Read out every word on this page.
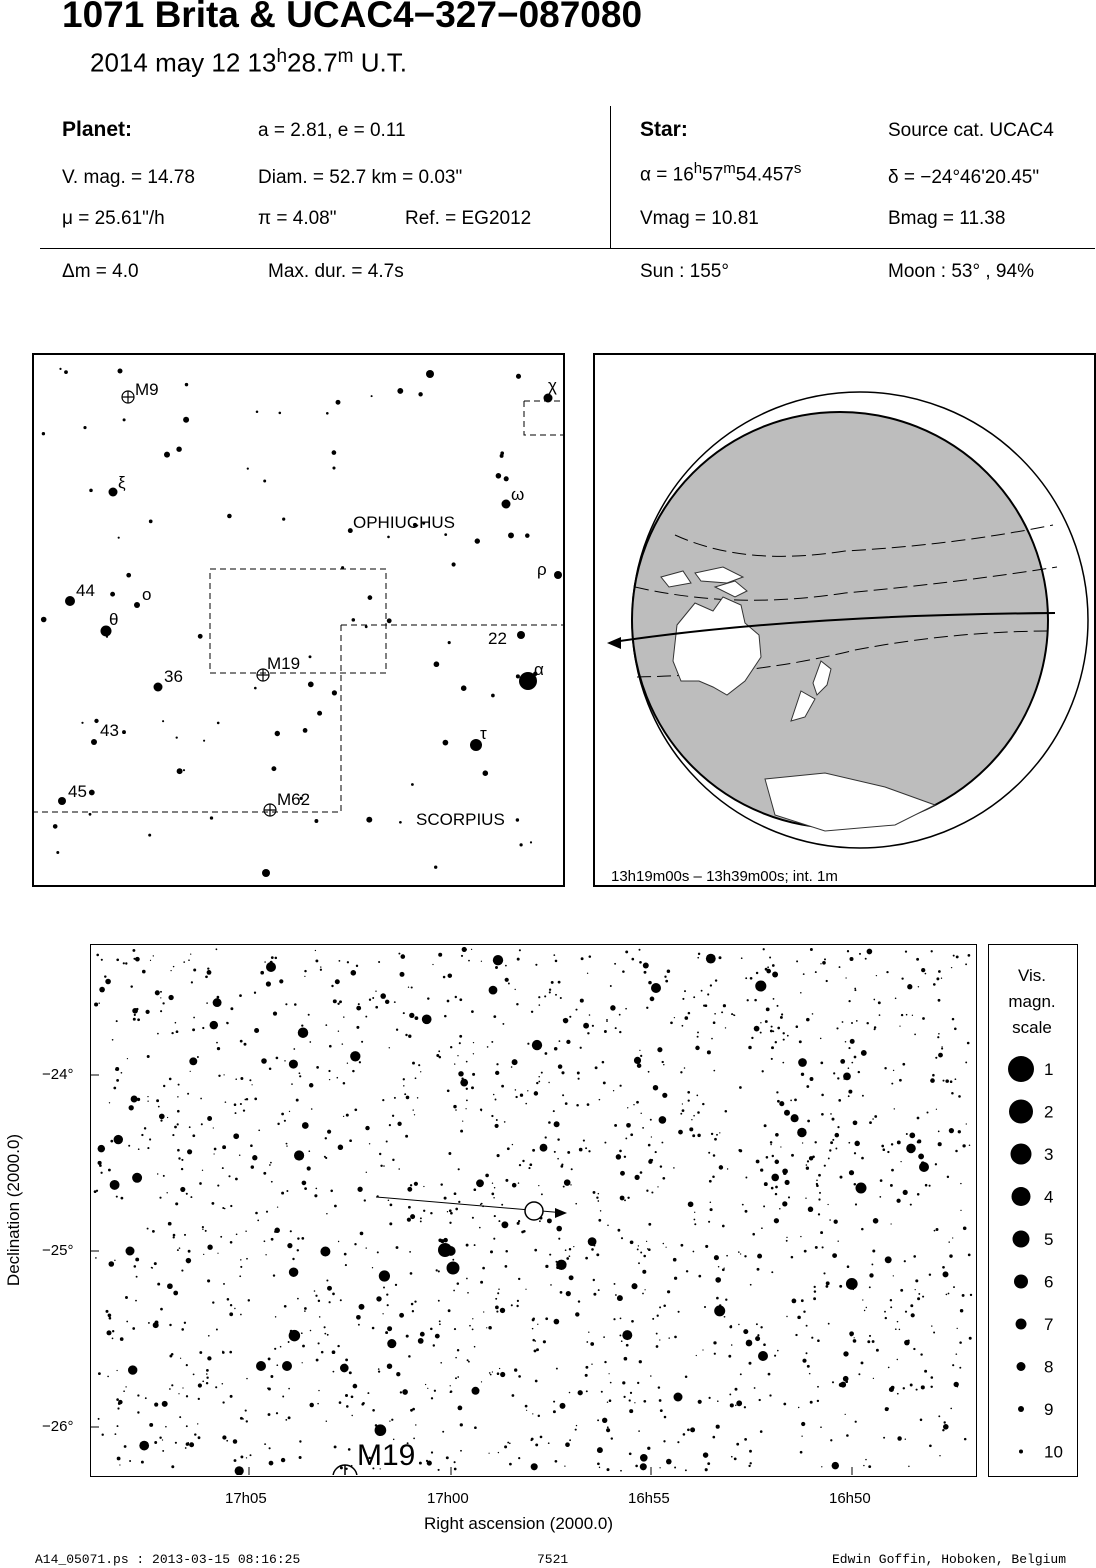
1071 Brita & UCAC4−327−087080
2014 may 12 13$^h$28.7$^m$ U.T.
Planet:	a = 2.81, e = 0.11
V. mag. = 14.78	Diam. = 52.7 km = 0.03"
μ = 25.61"/h	π = 4.08"	Ref. = EG2012
Δm = 4.0	Max. dur. = 4.7s
Star:	Source cat. UCAC4
$\alpha = 16^h57^m54.457^s$	δ = −24°46'20.45"
Vmag = 10.81	Bmag = 11.38
Sun : 155°	Moon : 53° , 94%
OPHIUCHUS
SCORPIUS
M9
M19
M62
χ
ξ
ω
ρ
44	o
θ
22
36	α
43	τ
45
13h19m00s – 13h39m00s; int. 1m
M19
−24°
−25°
−26°
17h05	17h00	16h55	16h50
Right ascension (2000.0)
Declination (2000.0)
Vis.
magn.
scale
1
2
3
4
5
6
7
8
9
10
A14_05071.ps : 2013-03-15 08:16:25	7521	Edwin Goffin, Hoboken, Belgium
